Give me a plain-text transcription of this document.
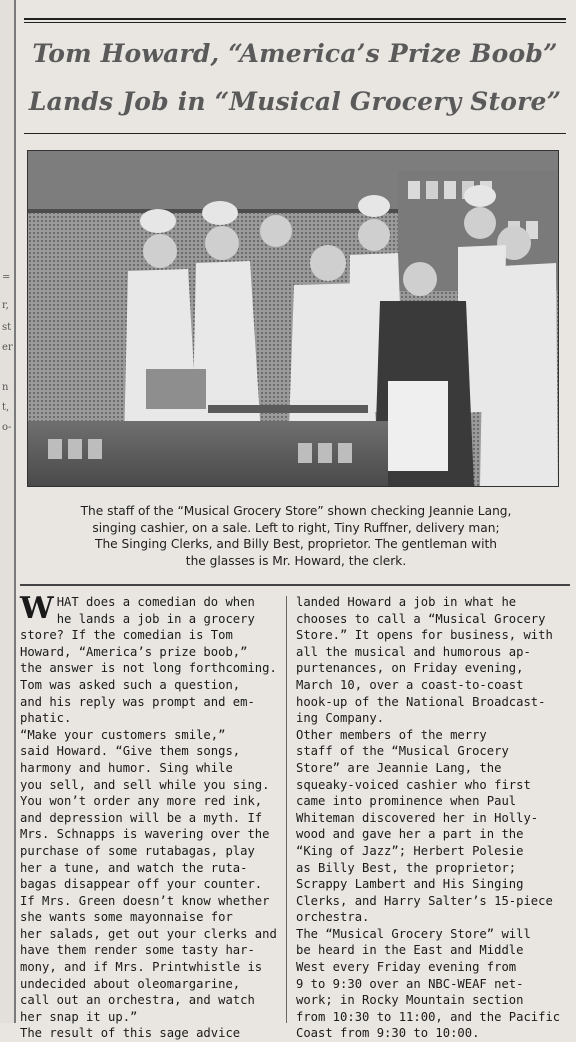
=
r,
st
er
n
t,
o-
Tom Howard, “America’s Prize Boob”
Lands Job in “Musical Grocery Store”
The staff of the “Musical Grocery Store” shown checking Jeannie Lang,
singing cashier, on a sale. Left to right, Tiny Ruffner, delivery man;
The Singing Clerks, and Billy Best, proprietor. The gentleman with
the glasses is Mr. Howard, the clerk.
W HAT does a comedian do when
he lands a job in a grocery
store? If the comedian is Tom
Howard, “America’s prize boob,”
the answer is not long forthcoming.
Tom was asked such a question,
and his reply was prompt and em-
phatic.
“Make your customers smile,”
said Howard. “Give them songs,
harmony and humor. Sing while
you sell, and sell while you sing.
You won’t order any more red ink,
and depression will be a myth. If
Mrs. Schnapps is wavering over the
purchase of some rutabagas, play
her a tune, and watch the ruta-
bagas disappear off your counter.
If Mrs. Green doesn’t know whether
she wants some mayonnaise for
her salads, get out your clerks and
have them render some tasty har-
mony, and if Mrs. Printwhistle is
undecided about oleomargarine,
call out an orchestra, and watch
her snap it up.”
The result of this sage advice
landed Howard a job in what he
chooses to call a “Musical Grocery
Store.” It opens for business, with
all the musical and humorous ap-
purtenances, on Friday evening,
March 10, over a coast-to-coast
hook-up of the National Broadcast-
ing Company.
Other members of the merry
staff of the “Musical Grocery
Store” are Jeannie Lang, the
squeaky-voiced cashier who first
came into prominence when Paul
Whiteman discovered her in Holly-
wood and gave her a part in the
“King of Jazz”; Herbert Polesie
as Billy Best, the proprietor;
Scrappy Lambert and His Singing
Clerks, and Harry Salter’s 15-piece
orchestra.
The “Musical Grocery Store” will
be heard in the East and Middle
West every Friday evening from
9 to 9:30 over an NBC-WEAF net-
work; in Rocky Mountain section
from 10:30 to 11:00, and the Pacific
Coast from 9:30 to 10:00.
